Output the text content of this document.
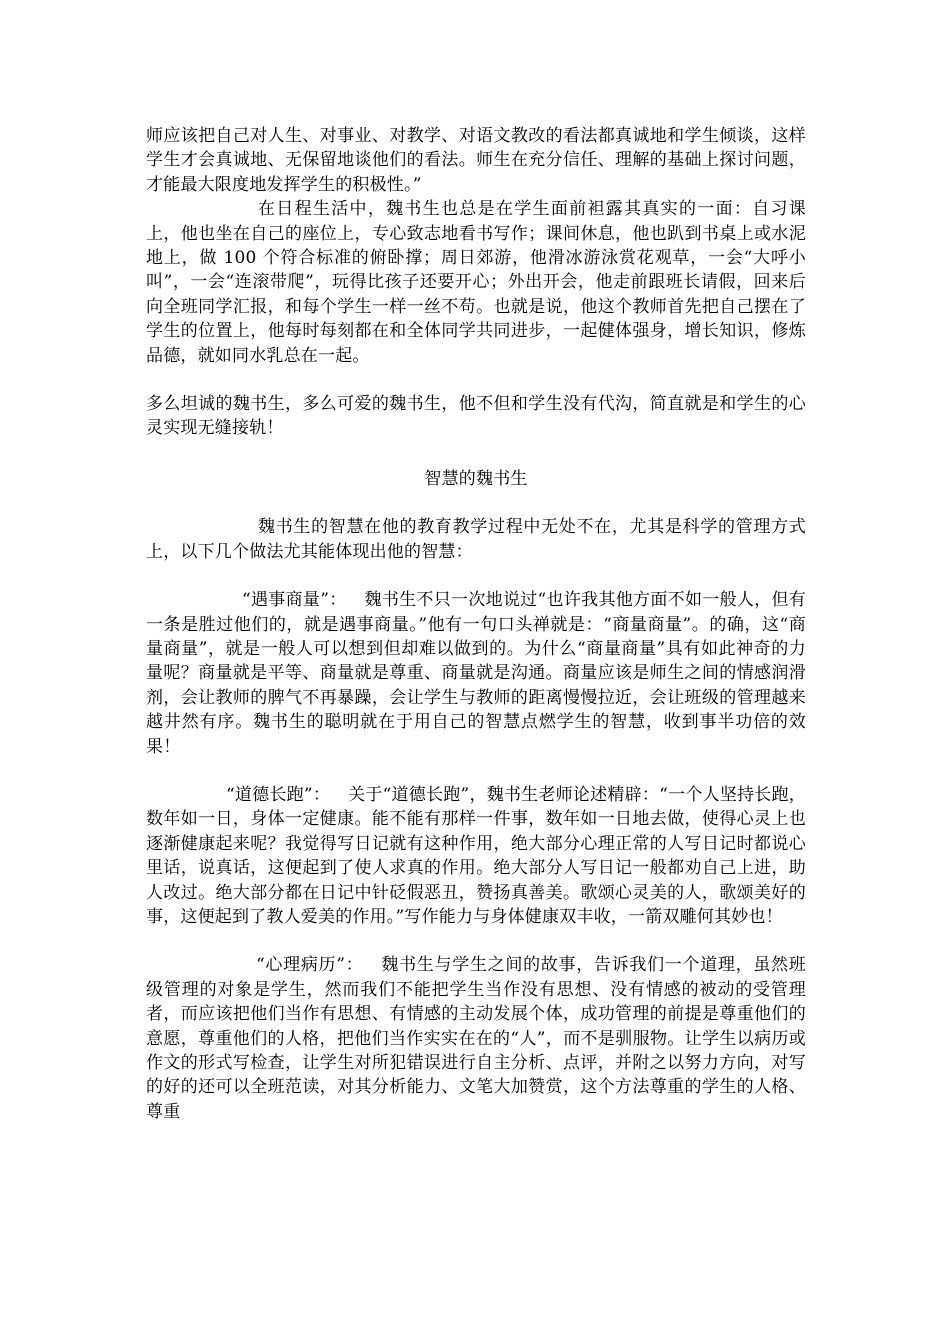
师应该把自己对人生、对事业、对教学、对语文教改的看法都真诚地和学生倾谈，这样学生才会真诚地、无保留地谈他们的看法。师生在充分信任、理解的基础上探讨问题，才能最大限度地发挥学生的积极性。”

在日程生活中，魏书生也总是在学生面前袒露其真实的一面：自习课上，他也坐在自己的座位上，专心致志地看书写作；课间休息，他也趴到书桌上或水泥地上，做 100 个符合标准的俯卧撑；周日郊游，他滑冰游泳赏花观草，一会“大呼小叫”，一会“连滚带爬”，玩得比孩子还要开心；外出开会，他走前跟班长请假，回来后向全班同学汇报，和每个学生一样一丝不苟。也就是说，他这个教师首先把自己摆在了学生的位置上，他每时每刻都在和全体同学共同进步，一起健体强身，增长知识，修炼品德，就如同水乳总在一起。

多么坦诚的魏书生，多么可爱的魏书生，他不但和学生没有代沟，简直就是和学生的心灵实现无缝接轨！

智慧的魏书生

魏书生的智慧在他的教育教学过程中无处不在，尤其是科学的管理方式上，以下几个做法尤其能体现出他的智慧：

“遇事商量”： 魏书生不只一次地说过“也许我其他方面不如一般人，但有一条是胜过他们的，就是遇事商量。”他有一句口头禅就是：“商量商量”。的确，这“商量商量”，就是一般人可以想到但却难以做到的。为什么“商量商量”具有如此神奇的力量呢？商量就是平等、商量就是尊重、商量就是沟通。商量应该是师生之间的情感润滑剂，会让教师的脾气不再暴躁，会让学生与教师的距离慢慢拉近，会让班级的管理越来越井然有序。魏书生的聪明就在于用自己的智慧点燃学生的智慧，收到事半功倍的效果！

“道德长跑”： 关于“道德长跑”，魏书生老师论述精辟：“一个人坚持长跑，数年如一日，身体一定健康。能不能有那样一件事，数年如一日地去做，使得心灵上也逐渐健康起来呢？我觉得写日记就有这种作用，绝大部分心理正常的人写日记时都说心里话，说真话，这便起到了使人求真的作用。绝大部分人写日记一般都劝自己上进，助人改过。绝大部分都在日记中针砭假恶丑，赞扬真善美。歌颂心灵美的人，歌颂美好的事，这便起到了教人爱美的作用。”写作能力与身体健康双丰收，一箭双雕何其妙也！

“心理病历”： 魏书生与学生之间的故事，告诉我们一个道理，虽然班级管理的对象是学生，然而我们不能把学生当作没有思想、没有情感的被动的受管理者，而应该把他们当作有思想、有情感的主动发展个体，成功管理的前提是尊重他们的意愿，尊重他们的人格，把他们当作实实在在的“人”，而不是驯服物。让学生以病历或作文的形式写检查，让学生对所犯错误进行自主分析、点评，并附之以努力方向，对写的好的还可以全班范读，对其分析能力、文笔大加赞赏，这个方法尊重的学生的人格、尊重
